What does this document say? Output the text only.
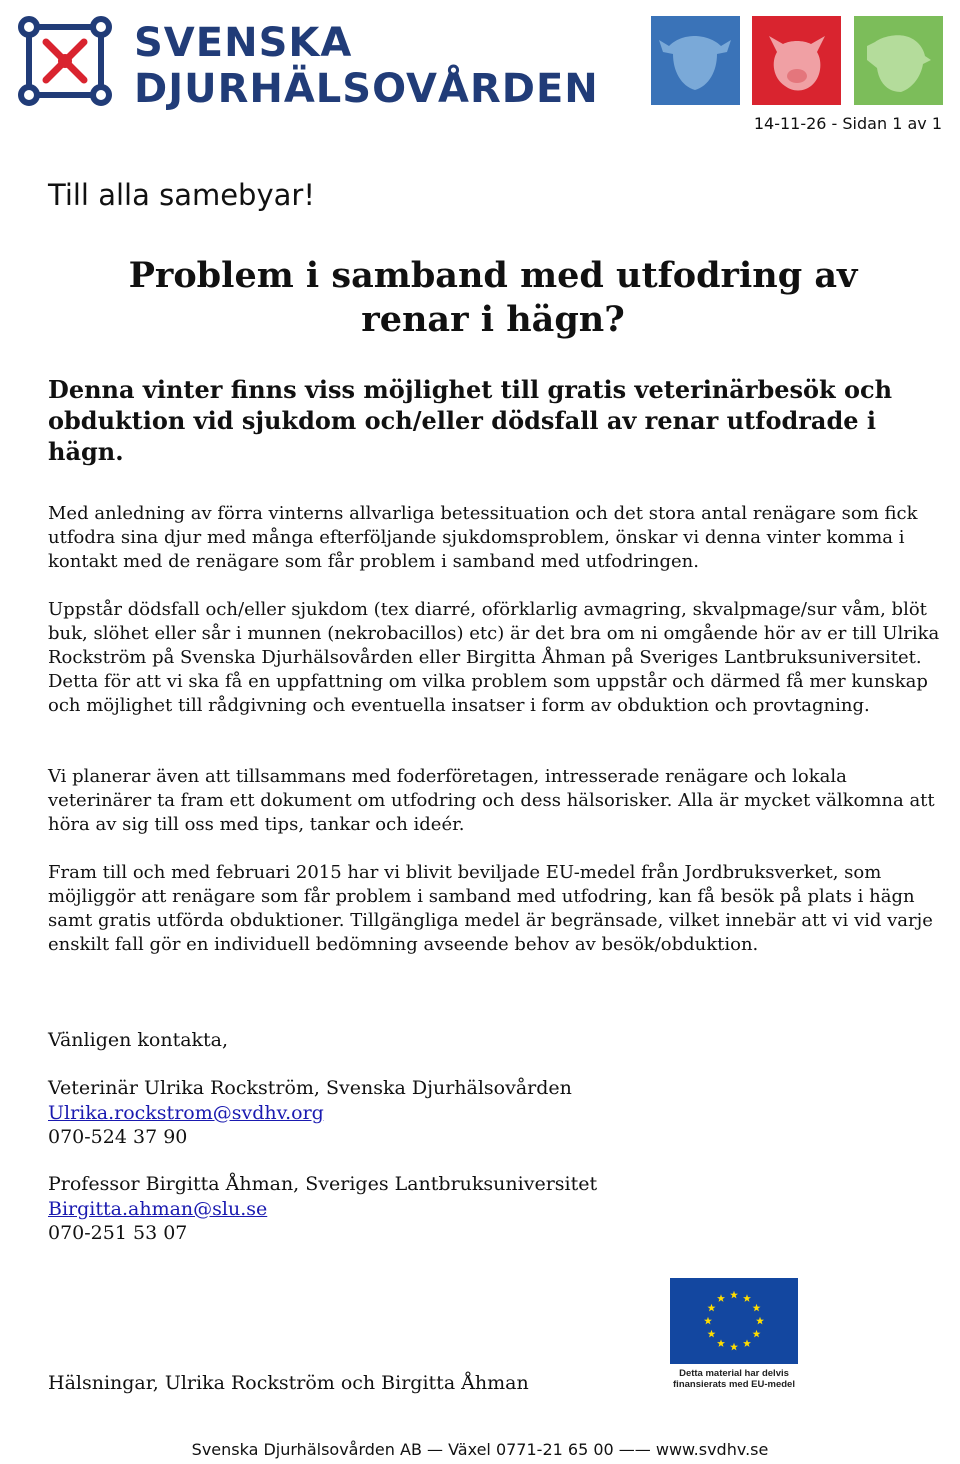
SVENSKA
DJURHÄLSOVÅRDEN
14-11-26 - Sidan 1 av 1
Till alla samebyar!
Problem i samband med utfodring av
renar i hägn?
Denna vinter finns viss möjlighet till gratis veterinärbesök och obduktion vid sjukdom och/eller dödsfall av renar utfodrade i hägn.

Med anledning av förra vinterns allvarliga betessituation och det stora antal renägare som fick utfodra sina djur med många efterföljande sjukdomsproblem, önskar vi denna vinter komma i kontakt med de renägare som får problem i samband med utfodringen.

Uppstår dödsfall och/eller sjukdom (tex diarré, oförklarlig avmagring, skvalpmage/sur våm, blöt buk, slöhet eller sår i munnen (nekrobacillos) etc) är det bra om ni omgående hör av er till Ulrika Rockström på Svenska Djurhälsovården eller Birgitta Åhman på Sveriges Lantbruksuniversitet. Detta för att vi ska få en uppfattning om vilka problem som uppstår och därmed få mer kunskap och möjlighet till rådgivning och eventuella insatser i form av obduktion och provtagning.

Vi planerar även att tillsammans med foderföretagen, intresserade renägare och lokala veterinärer ta fram ett dokument om utfodring och dess hälsorisker. Alla är mycket välkomna att höra av sig till oss med tips, tankar och ideér.

Fram till och med februari 2015 har vi blivit beviljade EU-medel från Jordbruksverket, som möjliggör att renägare som får problem i samband med utfodring, kan få besök på plats i hägn samt gratis utförda obduktioner. Tillgängliga medel är begränsade, vilket innebär att vi vid varje enskilt fall gör en individuell bedömning avseende behov av besök/obduktion.

Vänligen kontakta,
Veterinär Ulrika Rockström, Svenska Djurhälsovården
Ulrika.rockstrom@svdhv.org
070-524 37 90
Professor Birgitta Åhman, Sveriges Lantbruksuniversitet
Birgitta.ahman@slu.se
070-251 53 07
Hälsningar, Ulrika Rockström och Birgitta Åhman	Detta material har delvis
finansierats med EU-medel
Svenska Djurhälsovården AB — Växel 0771-21 65 00 —— www.svdhv.se
